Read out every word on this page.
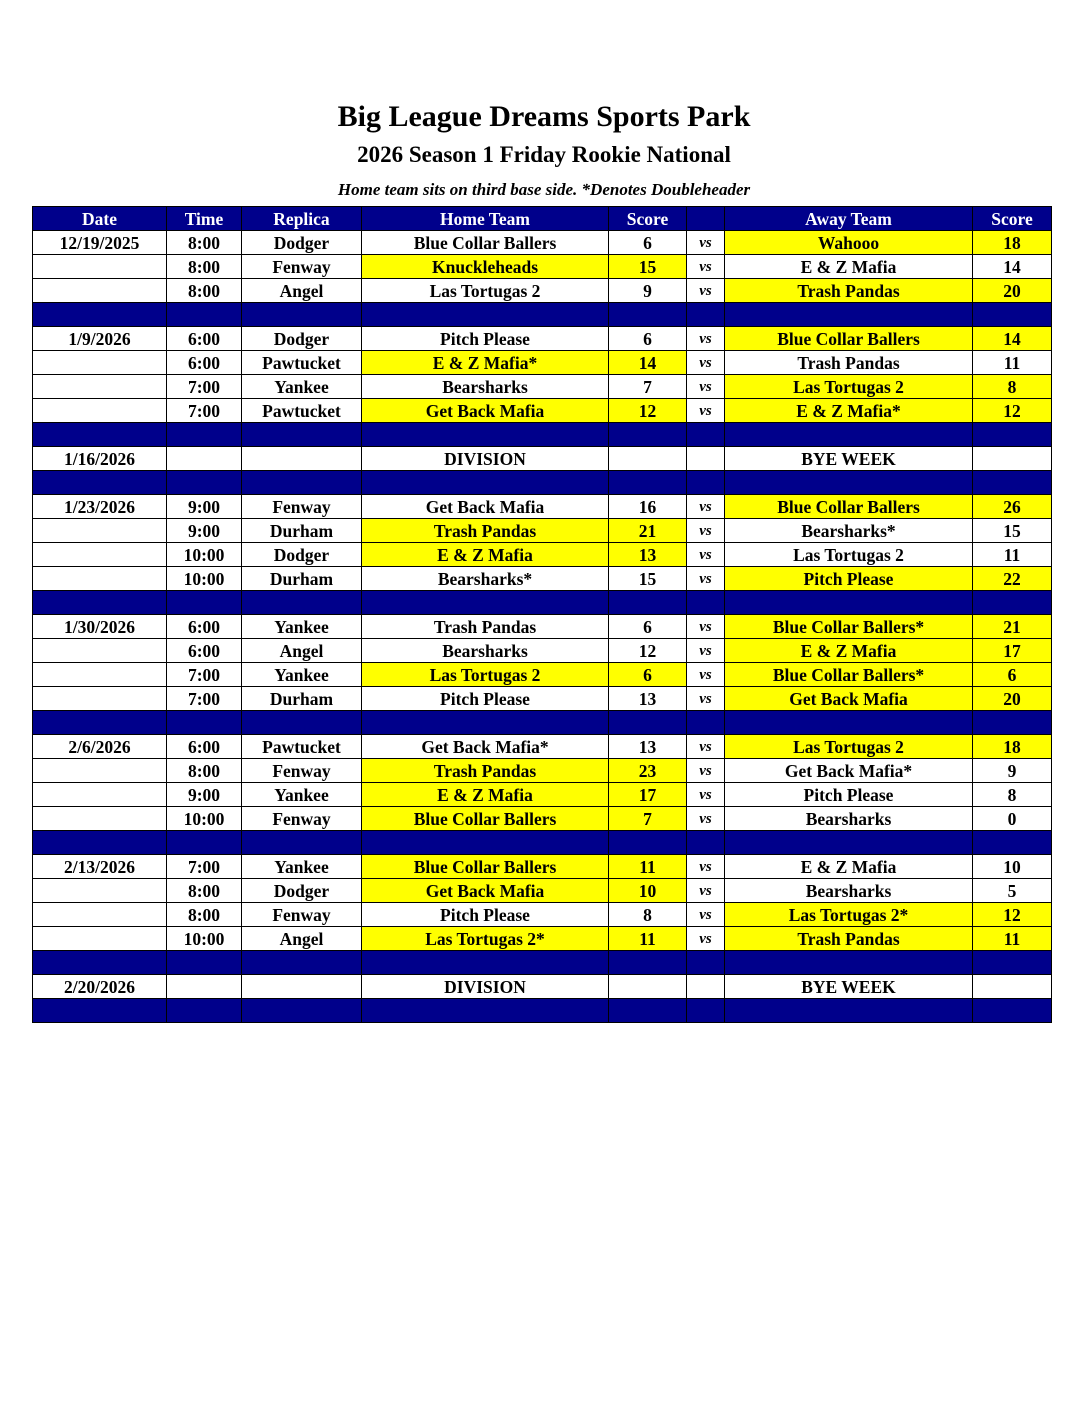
Big League Dreams Sports Park
2026 Season 1 Friday Rookie National
Home team sits on third base side. *Denotes Doubleheader
Date	Time	Replica	Home Team	Score		Away Team	Score
12/19/2025	8:00	Dodger	Blue Collar Ballers	6	vs	Wahooo	18
	8:00	Fenway	Knuckleheads	15	vs	E & Z Mafia	14
	8:00	Angel	Las Tortugas 2	9	vs	Trash Pandas	20

1/9/2026	6:00	Dodger	Pitch Please	6	vs	Blue Collar Ballers	14
	6:00	Pawtucket	E & Z Mafia*	14	vs	Trash Pandas	11
	7:00	Yankee	Bearsharks	7	vs	Las Tortugas 2	8
	7:00	Pawtucket	Get Back Mafia	12	vs	E & Z Mafia*	12

1/16/2026			DIVISION			BYE WEEK	

1/23/2026	9:00	Fenway	Get Back Mafia	16	vs	Blue Collar Ballers	26
	9:00	Durham	Trash Pandas	21	vs	Bearsharks*	15
	10:00	Dodger	E & Z Mafia	13	vs	Las Tortugas 2	11
	10:00	Durham	Bearsharks*	15	vs	Pitch Please	22

1/30/2026	6:00	Yankee	Trash Pandas	6	vs	Blue Collar Ballers*	21
	6:00	Angel	Bearsharks	12	vs	E & Z Mafia	17
	7:00	Yankee	Las Tortugas 2	6	vs	Blue Collar Ballers*	6
	7:00	Durham	Pitch Please	13	vs	Get Back Mafia	20

2/6/2026	6:00	Pawtucket	Get Back Mafia*	13	vs	Las Tortugas 2	18
	8:00	Fenway	Trash Pandas	23	vs	Get Back Mafia*	9
	9:00	Yankee	E & Z Mafia	17	vs	Pitch Please	8
	10:00	Fenway	Blue Collar Ballers	7	vs	Bearsharks	0

2/13/2026	7:00	Yankee	Blue Collar Ballers	11	vs	E & Z Mafia	10
	8:00	Dodger	Get Back Mafia	10	vs	Bearsharks	5
	8:00	Fenway	Pitch Please	8	vs	Las Tortugas 2*	12
	10:00	Angel	Las Tortugas 2*	11	vs	Trash Pandas	11

2/20/2026			DIVISION			BYE WEEK	
